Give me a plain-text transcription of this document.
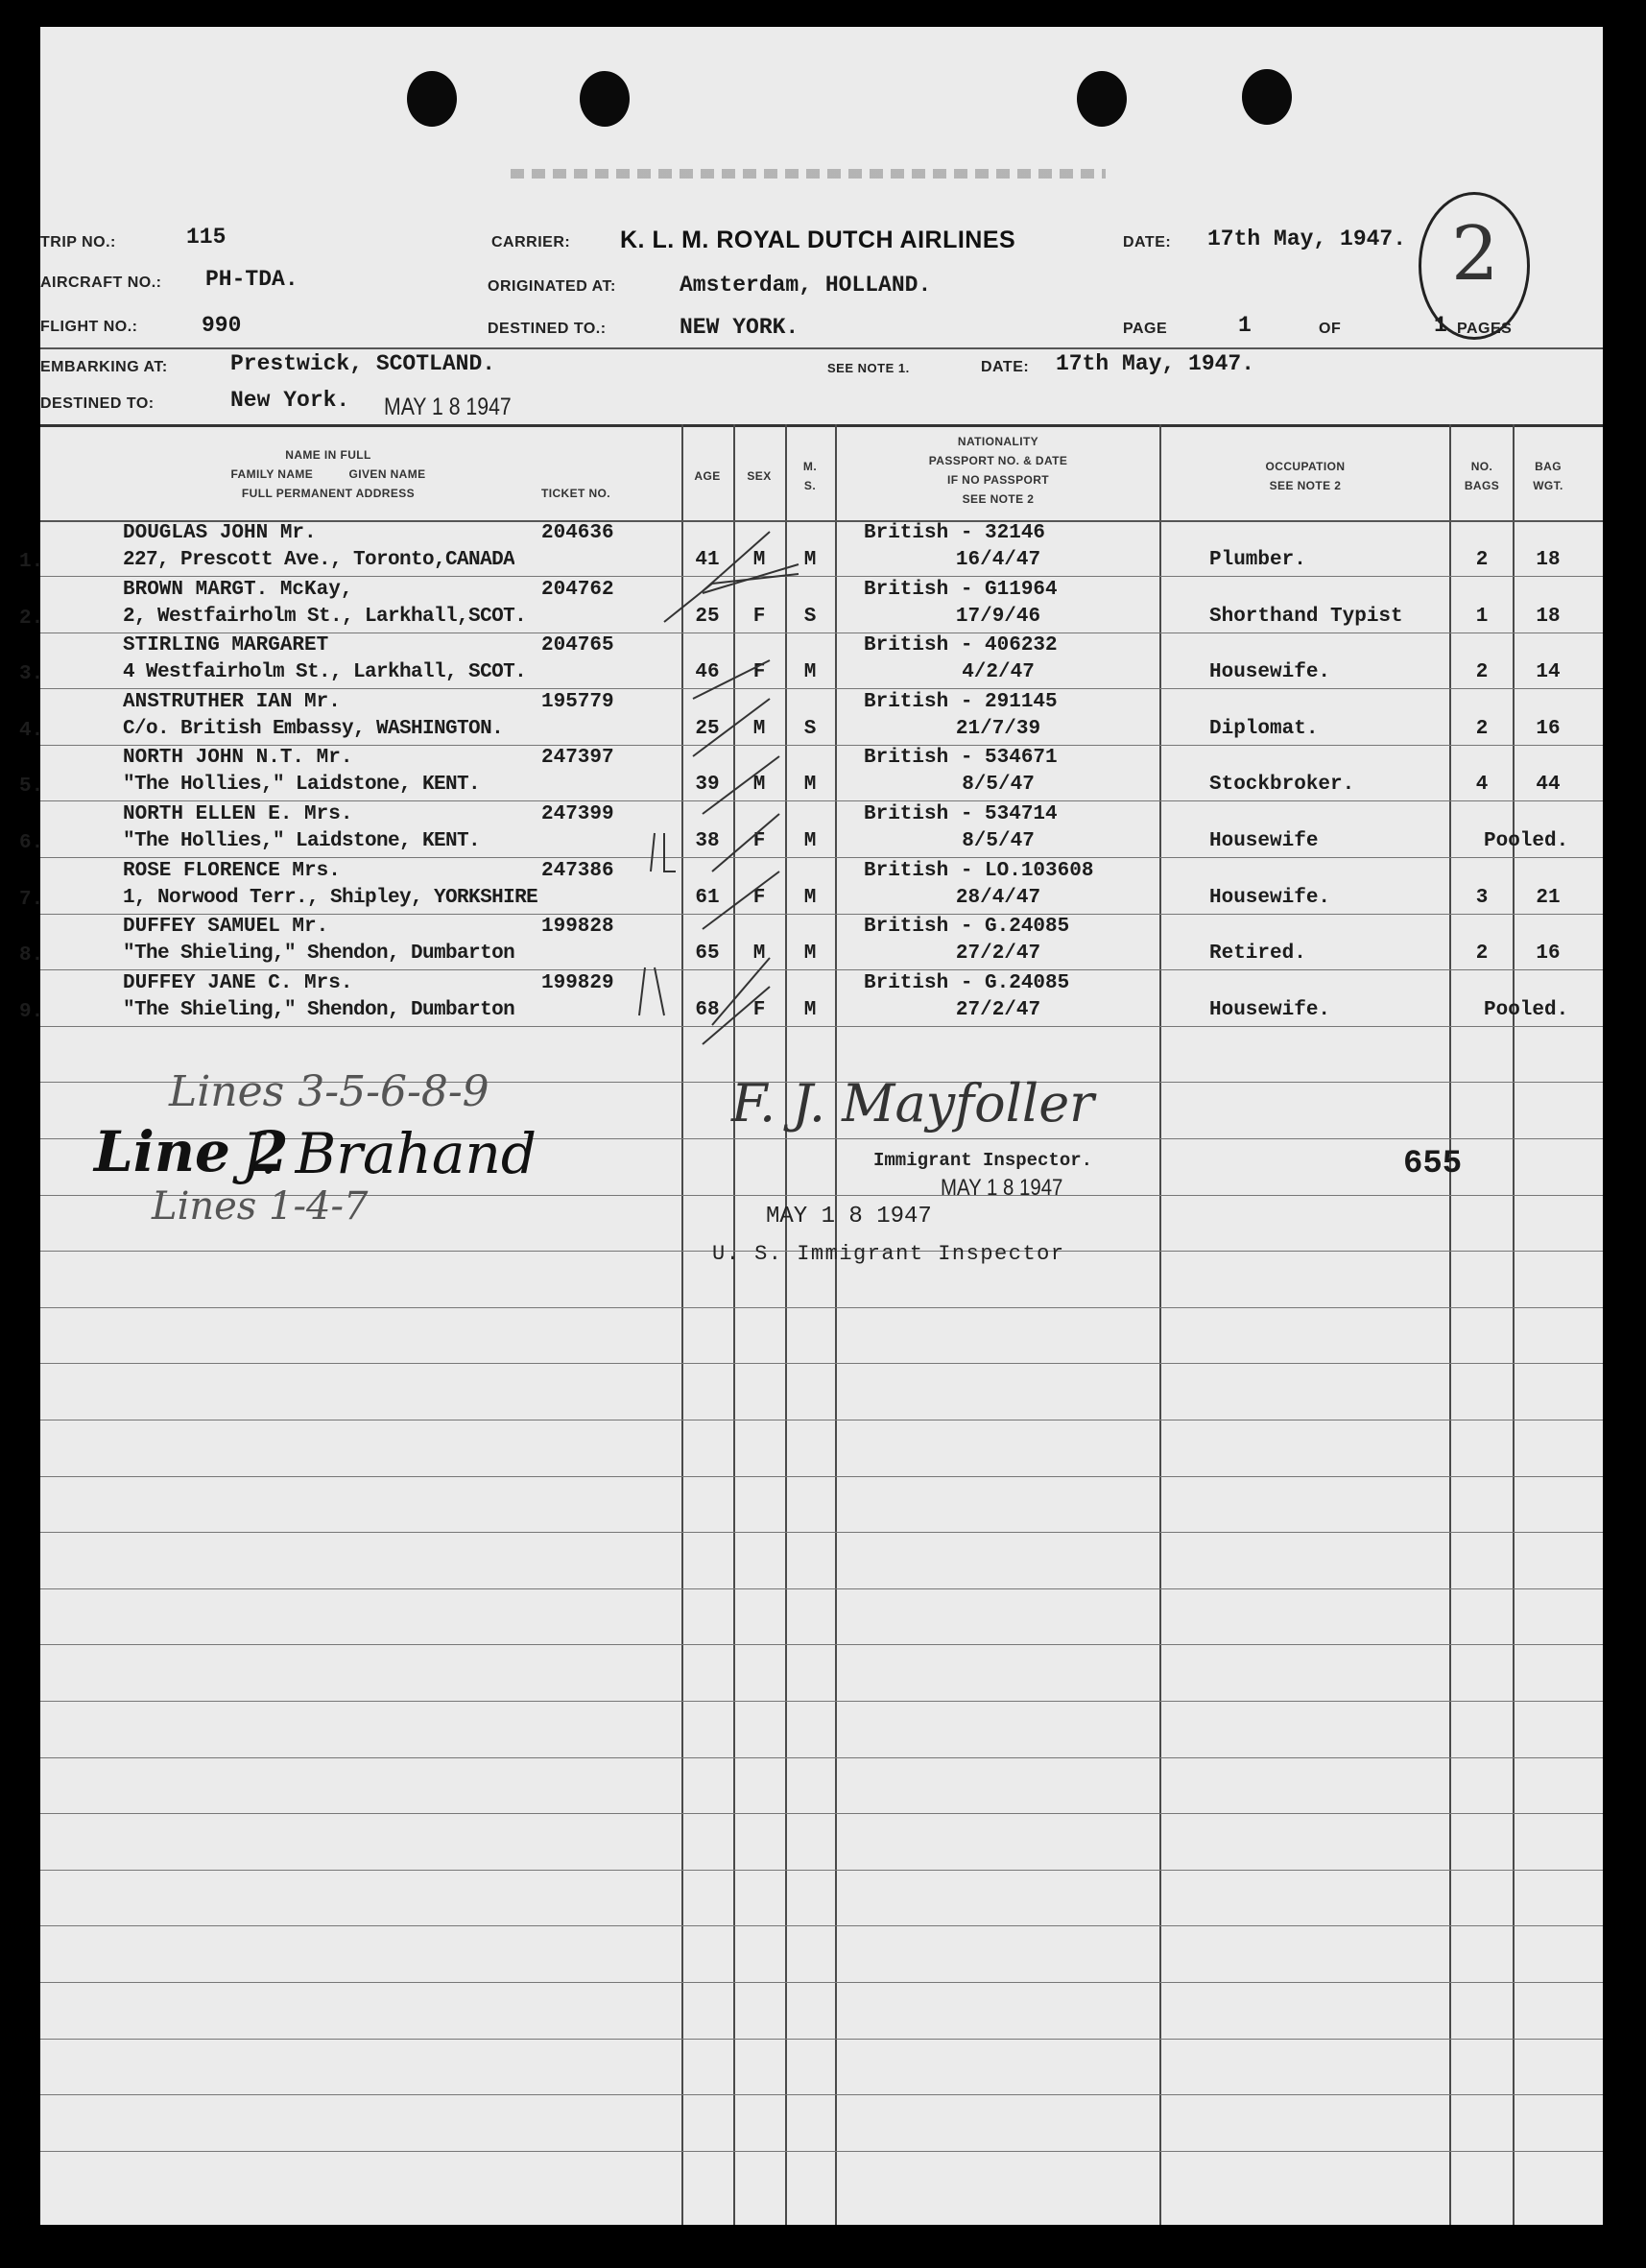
TRIP NO.:	115	CARRIER: K. L. M. ROYAL DUTCH AIRLINES	DATE: 17th May, 1947.
AIRCRAFT NO.: PH-TDA.	ORIGINATED AT:	Amsterdam, HOLLAND.
FLIGHT NO.:	990	DESTINED TO.:	NEW YORK.	PAGE	1	OF	1 PAGES
2
EMBARKING AT:	Prestwick, SCOTLAND.	SEE NOTE 1.	DATE: 17th May, 1947.
DESTINED TO:	New York. MAY 1 8 1947
NAME IN FULL
FAMILY NAME          GIVEN NAME
FULL PERMANENT ADDRESS	TICKET NO.
AGE	SEX
M.
S.
NATIONALITY
PASSPORT NO. & DATE
IF NO PASSPORT
SEE NOTE 2
OCCUPATION
SEE NOTE 2
NO.
BAGS
BAG
WGT.
1.
DOUGLAS JOHN Mr.	204636
227, Prescott Ave., Toronto,CANADA	41	M	M
British - 32146
16/4/47	Plumber.	2	18
2.
BROWN MARGT. McKay,	204762
2, Westfairholm St., Larkhall,SCOT.	25	F	S
British - G11964
17/9/46	Shorthand Typist	1	18
3.
STIRLING MARGARET	204765
4 Westfairholm St., Larkhall, SCOT.	46	F	M
British - 406232
4/2/47	Housewife.	2	14
4.
ANSTRUTHER IAN Mr.	195779
C/o. British Embassy, WASHINGTON.	25	M	S
British - 291145
21/7/39	Diplomat.	2	16
5.
NORTH JOHN N.T. Mr.	247397
"The Hollies," Laidstone, KENT.	39	M	M
British - 534671
8/5/47	Stockbroker.	4	44
6.
NORTH ELLEN E. Mrs.	247399
"The Hollies," Laidstone, KENT.	38	F	M
British - 534714
8/5/47	Housewife	Pooled.
7.
ROSE FLORENCE Mrs.	247386
1, Norwood Terr., Shipley, YORKSHIRE	61	F	M
British - LO.103608
28/4/47	Housewife.	3	21
8.
DUFFEY SAMUEL Mr.	199828
"The Shieling," Shendon, Dumbarton	65	M	M
British - G.24085
27/2/47	Retired.	2	16
9.
DUFFEY JANE C. Mrs.	199829
"The Shieling," Shendon, Dumbarton	68	F	M
British - G.24085
27/2/47	Housewife.	Pooled.
Lines 3-5-6-8-9
Line 2
J. Brahand
Lines 1-4-7
F. J. Mayfoller
Immigrant Inspector.
MAY 1 8 1947
MAY 1 8 1947
U. S. Immigrant Inspector
655
